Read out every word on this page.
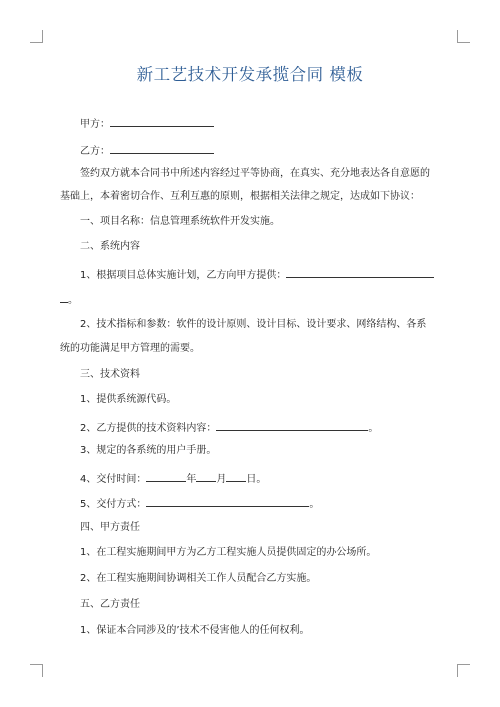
新工艺技术开发承揽合同 模板
甲方：
乙方：
签约双方就本合同书中所述内容经过平等协商，在真实、充分地表达各自意愿的
基础上，本着密切合作、互利互惠的原则，根据相关法律之规定，达成如下协议：
一、项目名称：信息管理系统软件开发实施。
二、系统内容
1、根据项目总体实施计划，乙方向甲方提供：
。
2、技术指标和参数：软件的设计原则、设计目标、设计要求、网络结构、各系
统的功能满足甲方管理的需要。
三、技术资料
1、提供系统源代码。
2、乙方提供的技术资料内容：	。
3、规定的各系统的用户手册。
4、交付时间：	年 月 日。
5、交付方式：	。
四、甲方责任
1、在工程实施期间甲方为乙方工程实施人员提供固定的办公场所。
2、在工程实施期间协调相关工作人员配合乙方实施。
五、乙方责任
1、保证本合同涉及的’技术不侵害他人的任何权利。
